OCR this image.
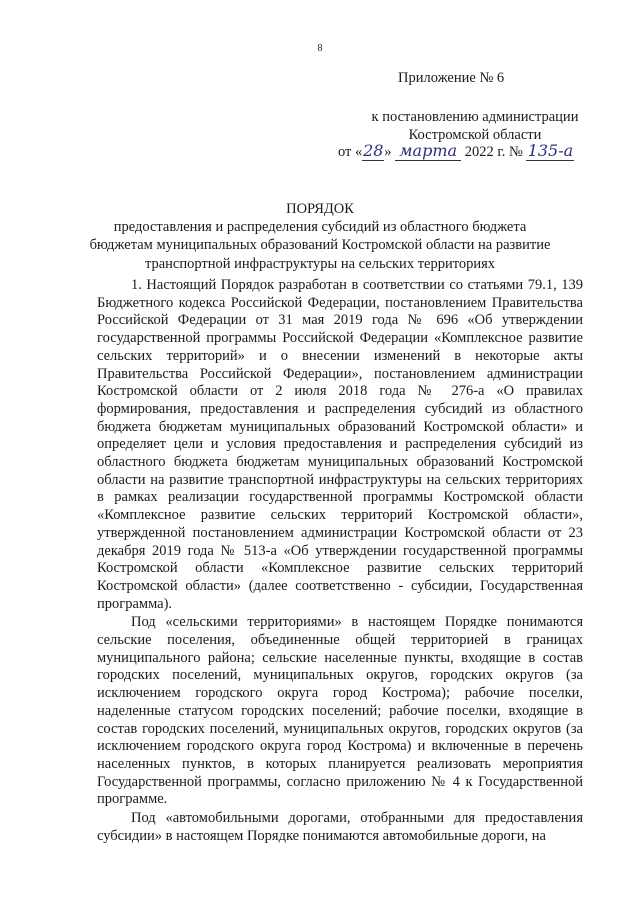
8
Приложение № 6
к постановлению администрации
Костромской области
от «28» марта 2022 г. № 135-а
ПОРЯДОК
предоставления и распределения субсидий из областного бюджета
бюджетам муниципальных образований Костромской области на развитие
транспортной инфраструктуры на сельских территориях

1. Настоящий Порядок разработан в соответствии со статьями 79.1, 139 Бюджетного кодекса Российской Федерации, постановлением Правительства Российской Федерации от 31 мая 2019 года № 696 «Об утверждении государственной программы Российской Федерации «Комплексное развитие сельских территорий» и о внесении изменений в некоторые акты Правительства Российской Федерации», постановлением администрации Костромской области от 2 июля 2018 года № 276-а «О правилах формирования, предоставления и распределения субсидий из областного бюджета бюджетам муниципальных образований Костромской области» и определяет цели и условия предоставления и распределения субсидий из областного бюджета бюджетам муниципальных образований Костромской области на развитие транспортной инфраструктуры на сельских территориях в рамках реализации государственной программы Костромской области «Комплексное развитие сельских территорий Костромской области», утвержденной постановлением администрации Костромской области от 23 декабря 2019 года № 513-а «Об утверждении государственной программы Костромской области «Комплексное развитие сельских территорий Костромской области» (далее соответственно - субсидии, Государственная программа).

Под «сельскими территориями» в настоящем Порядке понимаются сельские поселения, объединенные общей территорией в границах муниципального района; сельские населенные пункты, входящие в состав городских поселений, муниципальных округов, городских округов (за исключением городского округа город Кострома); рабочие поселки, наделенные статусом городских поселений; рабочие поселки, входящие в состав городских поселений, муниципальных округов, городских округов (за исключением городского округа город Кострома) и включенные в перечень населенных пунктов, в которых планируется реализовать мероприятия Государственной программы, согласно приложению № 4 к Государственной программе.

Под «автомобильными дорогами, отобранными для предоставления субсидии» в настоящем Порядке понимаются автомобильные дороги, на
